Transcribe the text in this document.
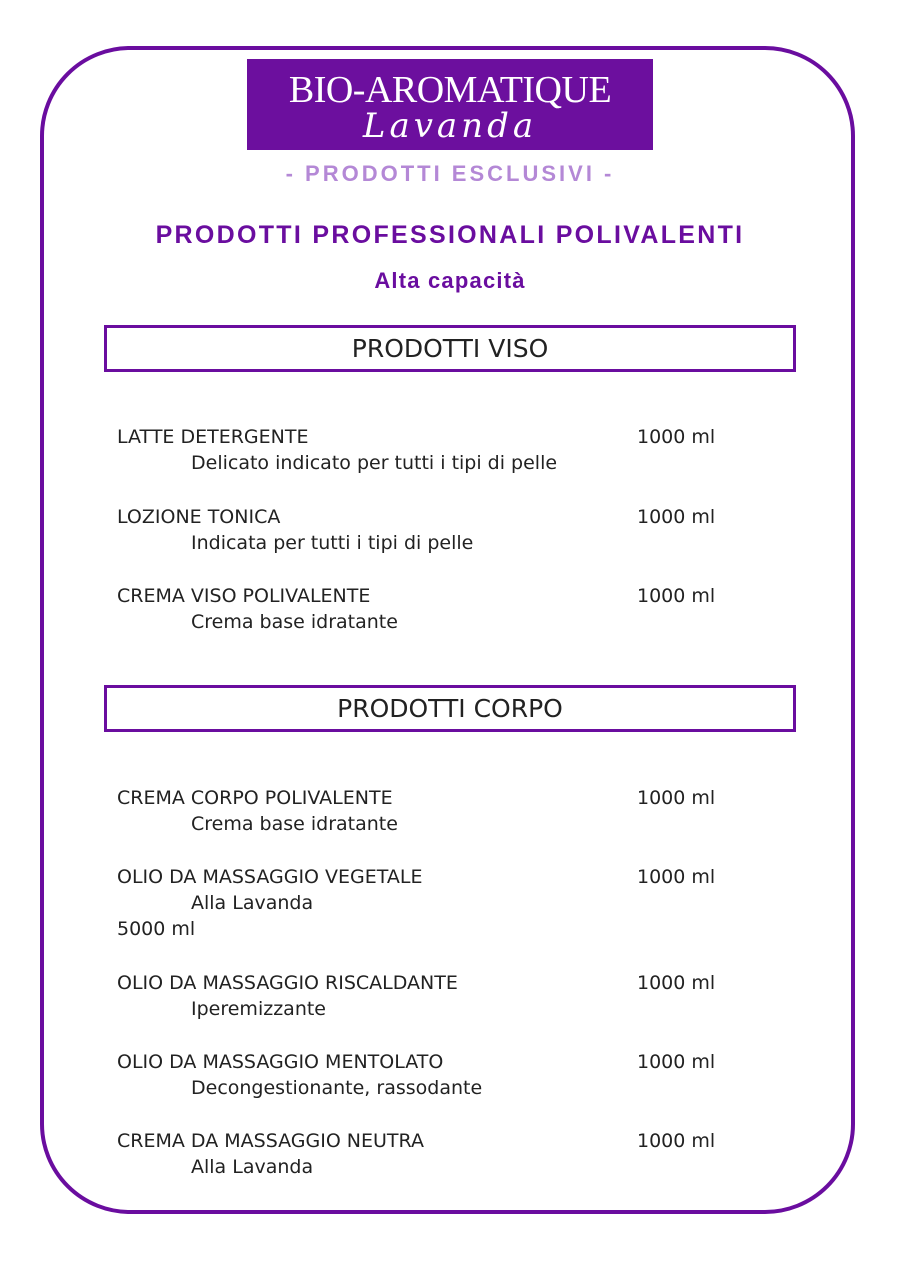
BIO-AROMATIQUE
Lavanda
- PRODOTTI ESCLUSIVI -
PRODOTTI PROFESSIONALI POLIVALENTI
Alta capacità
PRODOTTI VISO
LATTE DETERGENTE	1000 ml
Delicato indicato per tutti i tipi di pelle
LOZIONE TONICA	1000 ml
Indicata per tutti i tipi di pelle
CREMA VISO POLIVALENTE	1000 ml
Crema base idratante
PRODOTTI CORPO
CREMA CORPO POLIVALENTE	1000 ml
Crema base idratante
OLIO DA MASSAGGIO VEGETALE	1000 ml
Alla Lavanda
5000 ml
OLIO DA MASSAGGIO RISCALDANTE	1000 ml
Iperemizzante
OLIO DA MASSAGGIO MENTOLATO	1000 ml
Decongestionante, rassodante
CREMA DA MASSAGGIO NEUTRA	1000 ml
Alla Lavanda
